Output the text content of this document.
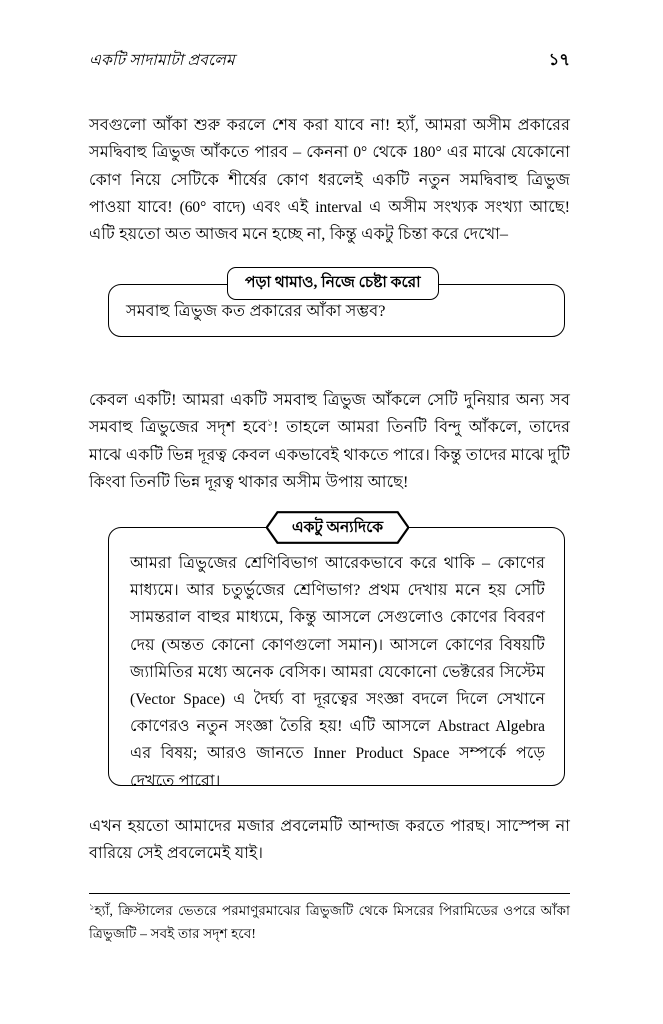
একটি সাদামাটা প্রবলেম	১৭

সবগুলো আঁকা শুরু করলে শেষ করা যাবে না! হ্যাঁ, আমরা অসীম প্রকারের সমদ্বিবাহু ত্রিভুজ আঁকতে পারব – কেননা 0° থেকে 180° এর মাঝে যেকোনো কোণ নিয়ে সেটিকে শীর্ষের কোণ ধরলেই একটি নতুন সমদ্বিবাহু ত্রিভুজ পাওয়া যাবে! (60° বাদে) এবং এই interval এ অসীম সংখ্যক সংখ্যা আছে! এটি হয়তো অত আজব মনে হচ্ছে না, কিন্তু একটু চিন্তা করে দেখো–

পড়া থামাও, নিজে চেষ্টা করো
সমবাহু ত্রিভুজ কত প্রকারের আঁকা সম্ভব?

কেবল একটি! আমরা একটি সমবাহু ত্রিভুজ আঁকলে সেটি দুনিয়ার অন্য সব সমবাহু ত্রিভুজের সদৃশ হবে$^১$! তাহলে আমরা তিনটি বিন্দু আঁকলে, তাদের মাঝে একটি ভিন্ন দূরত্ব কেবল একভাবেই থাকতে পারে। কিন্তু তাদের মাঝে দুটি কিংবা তিনটি ভিন্ন দূরত্ব থাকার অসীম উপায় আছে!

একটু অন্যদিকে
আমরা ত্রিভুজের শ্রেণিবিভাগ আরেকভাবে করে থাকি – কোণের মাধ্যমে। আর চতুর্ভুজের শ্রেণিভাগ? প্রথম দেখায় মনে হয় সেটি সামন্তরাল বাহুর মাধ্যমে, কিন্তু আসলে সেগুলোও কোণের বিবরণ দেয় (অন্তত কোনো কোণগুলো সমান)। আসলে কোণের বিষয়টি জ্যামিতির মধ্যে অনেক বেসিক। আমরা যেকোনো ভেক্টরের সিস্টেম (Vector Space) এ দৈর্ঘ্য বা দূরত্বের সংজ্ঞা বদলে দিলে সেখানে কোণেরও নতুন সংজ্ঞা তৈরি হয়! এটি আসলে Abstract Algebra এর বিষয়; আরও জানতে Inner Product Space সম্পর্কে পড়ে দেখতে পারো।

এখন হয়তো আমাদের মজার প্রবলেমটি আন্দাজ করতে পারছ। সাস্পেন্স না বারিয়ে সেই প্রবলেমেই যাই।

$^১$হ্যাঁ, ক্রিস্টালের ভেতরে পরমাণুরমাঝের ত্রিভুজটি থেকে মিসরের পিরামিডের ওপরে আঁকা ত্রিভুজটি – সবই তার সদৃশ হবে!
